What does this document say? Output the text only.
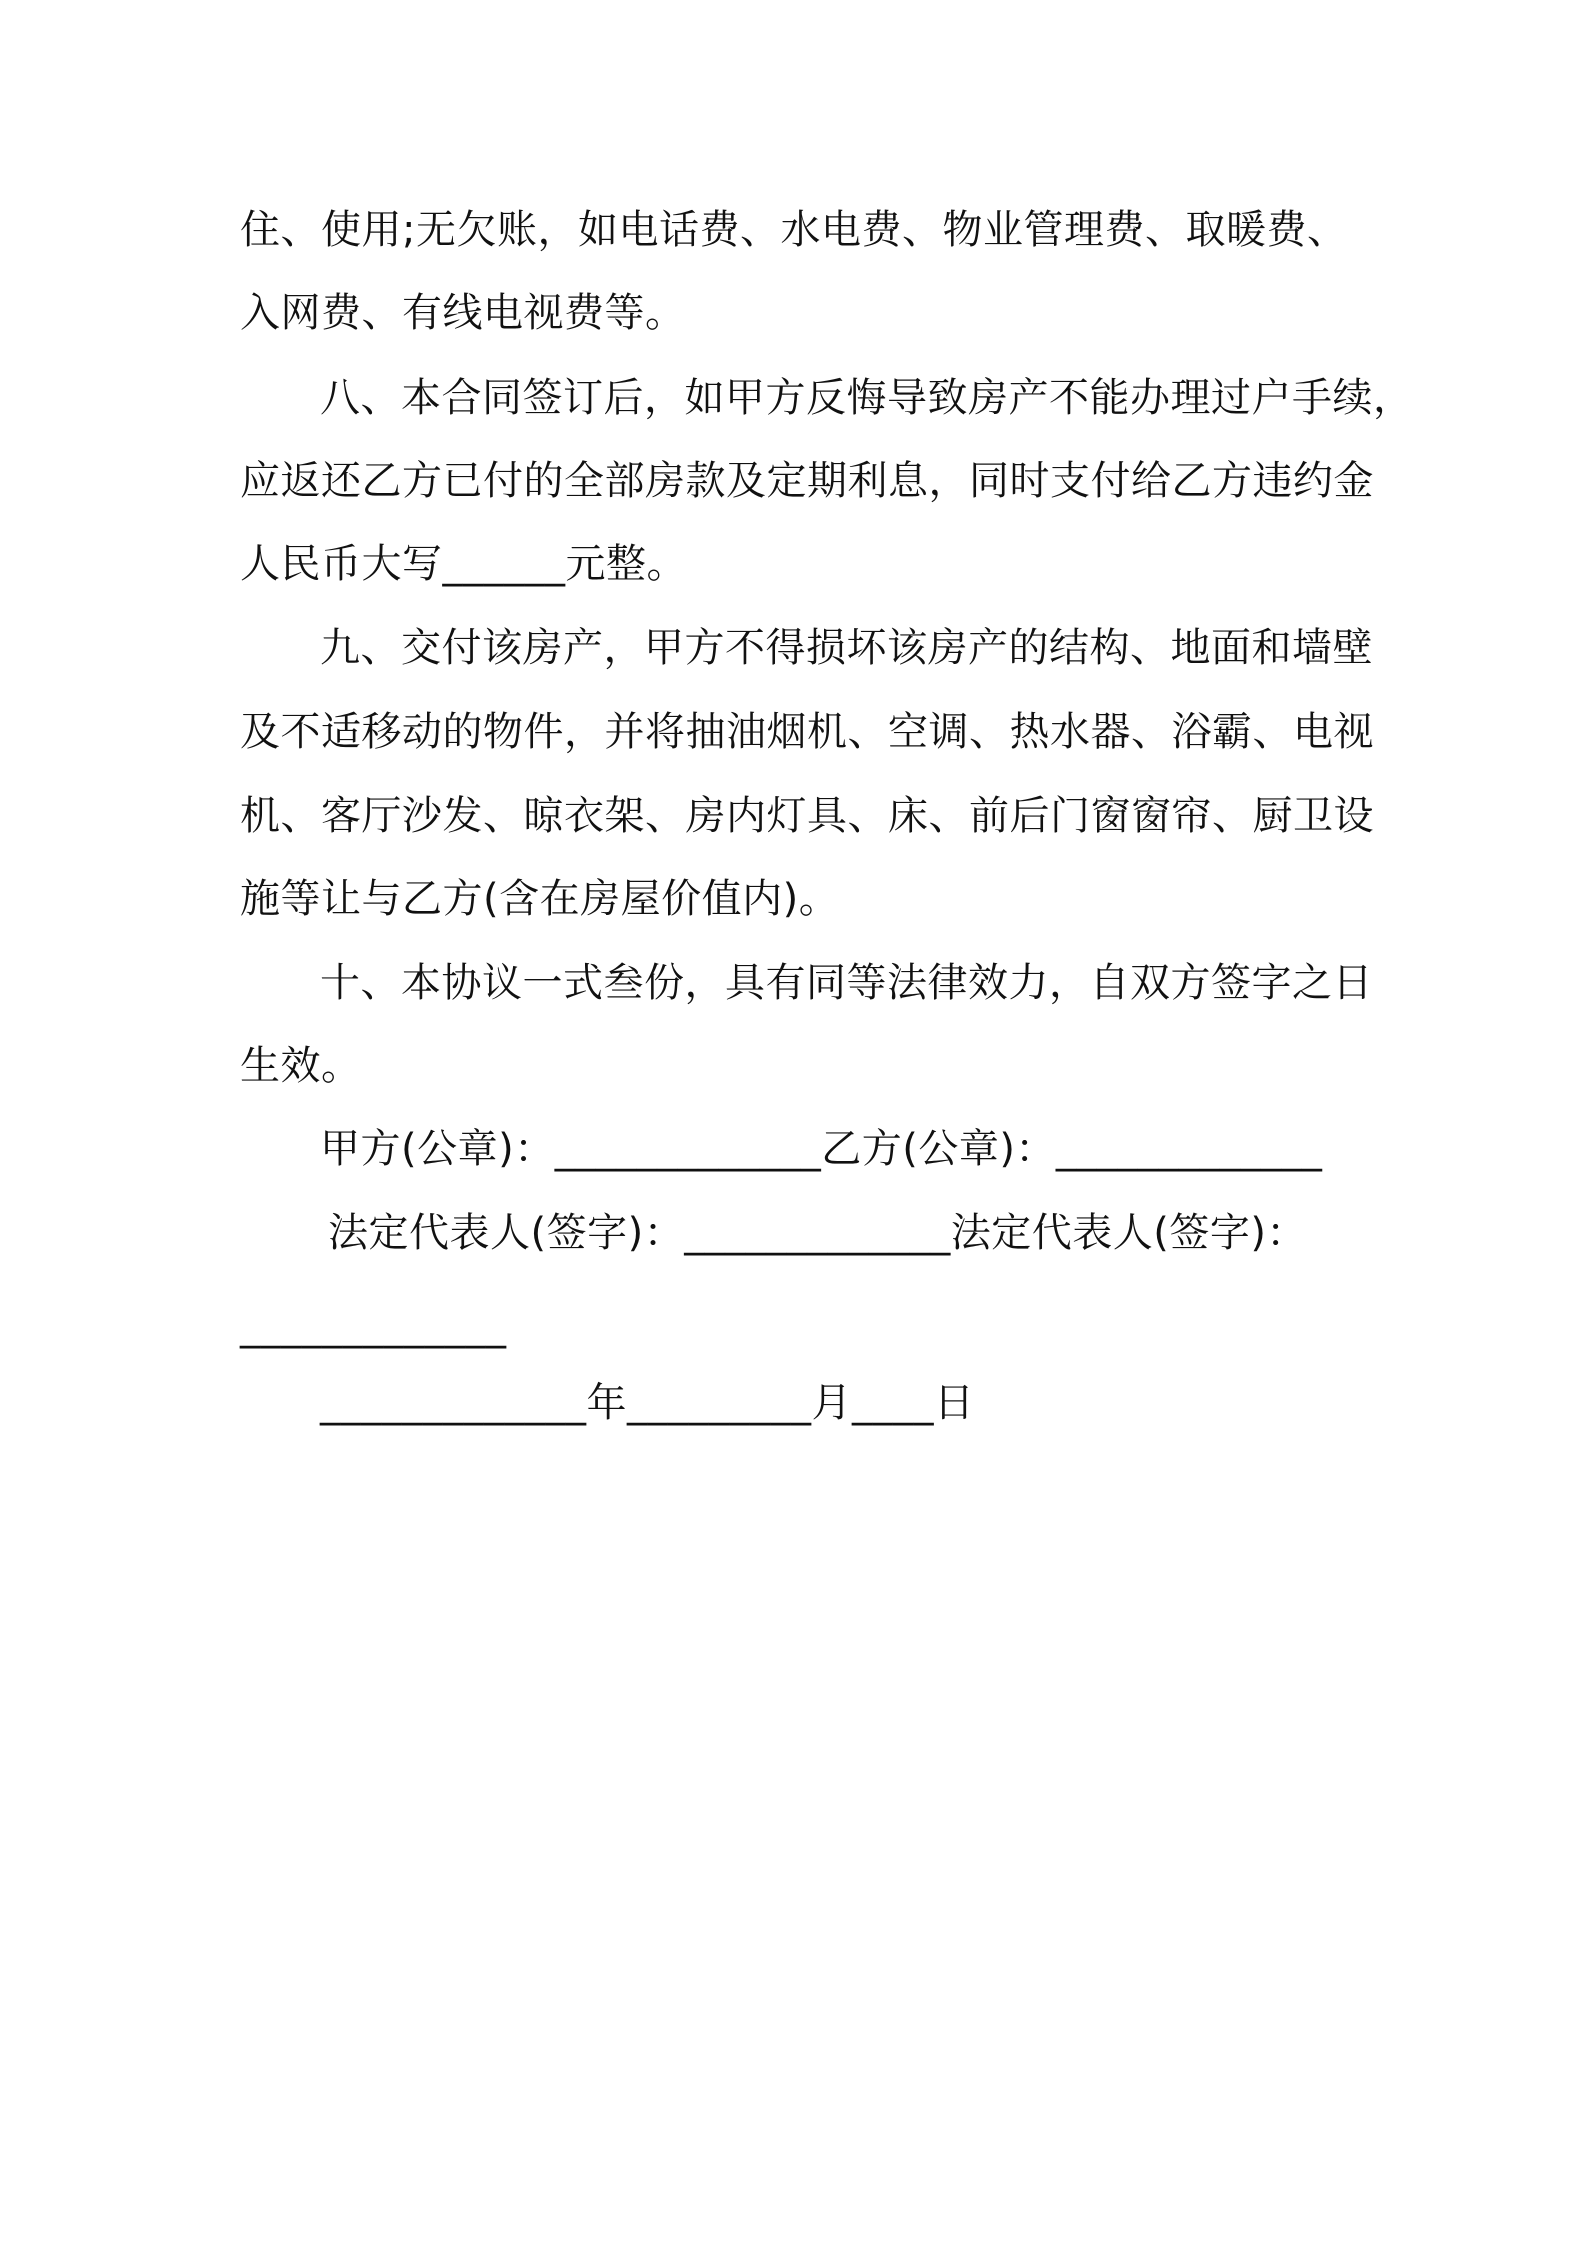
住、使用;无欠账，如电话费、水电费、物业管理费、取暖费、
入网费、有线电视费等。
八、本合同签订后，如甲方反悔导致房产不能办理过户手续，
应返还乙方已付的全部房款及定期利息，同时支付给乙方违约金
人民币大写______元整。
九、交付该房产，甲方不得损坏该房产的结构、地面和墙壁
及不适移动的物件，并将抽油烟机、空调、热水器、浴霸、电视
机、客厅沙发、晾衣架、房内灯具、床、前后门窗窗帘、厨卫设
施等让与乙方(含在房屋价值内)。
十、本协议一式叁份，具有同等法律效力，自双方签字之日
生效。
甲方(公章)：_____________乙方(公章)：_____________
法定代表人(签字)：_____________法定代表人(签字)：
_____________
_____________年_________月____日
